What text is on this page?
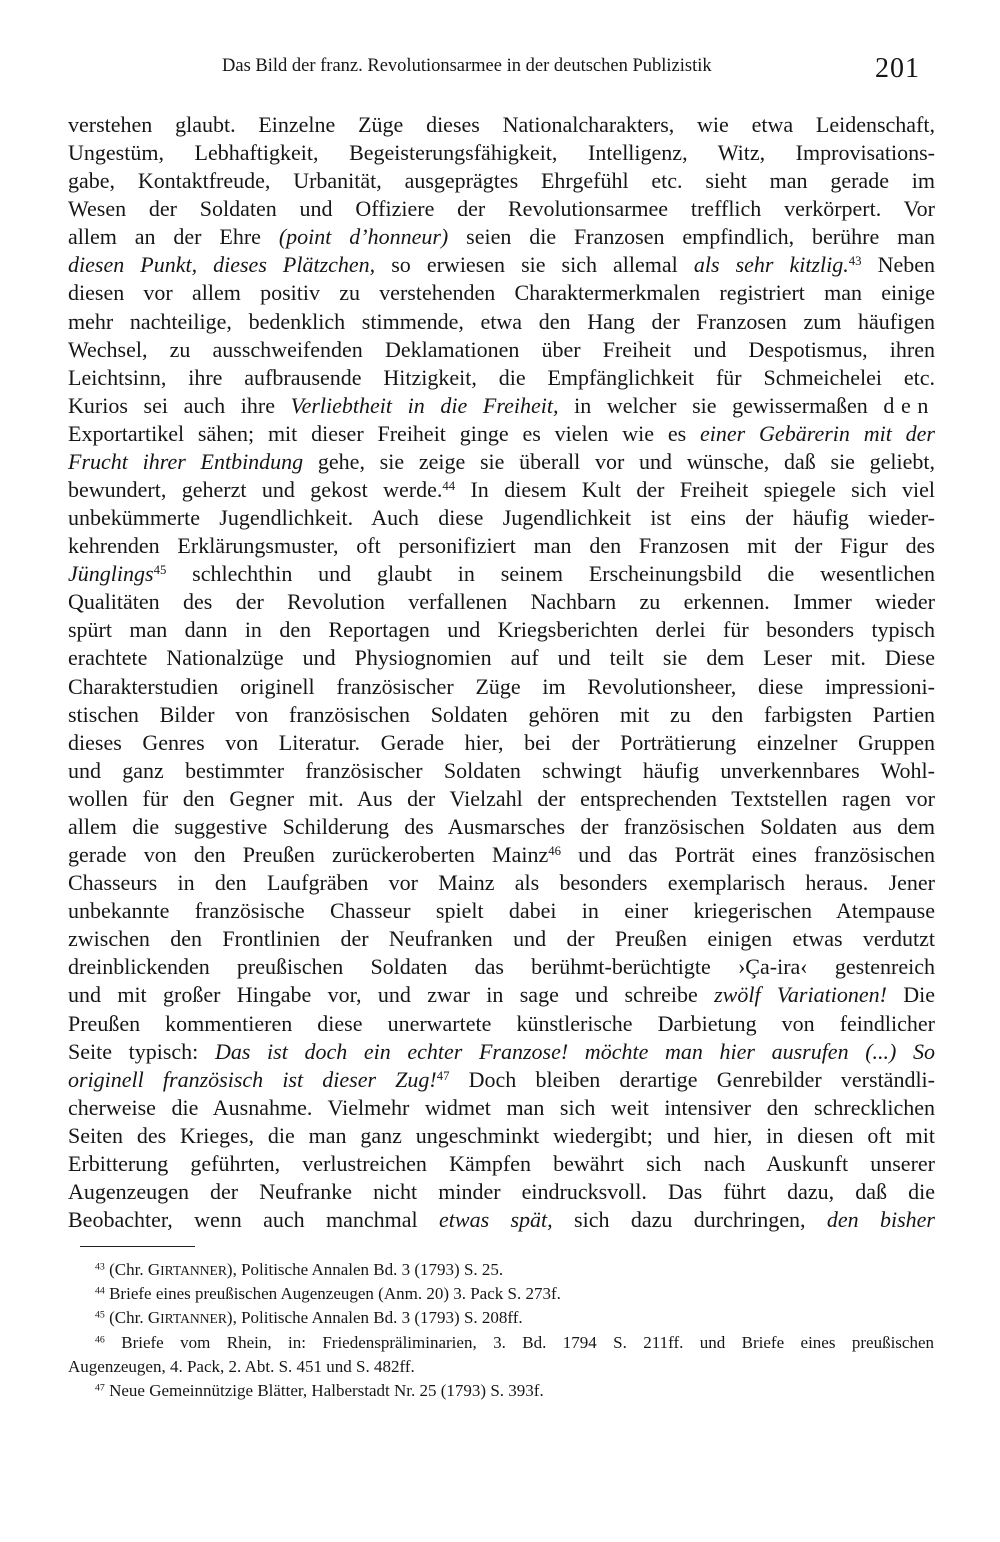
Das Bild der franz. Revolutionsarmee in der deutschen Publizistik	201
verstehen glaubt. Einzelne Züge dieses Nationalcharakters, wie etwa Leidenschaft,
Ungestüm, Lebhaftigkeit, Begeisterungsfähigkeit, Intelligenz, Witz, Improvisations-
gabe, Kontaktfreude, Urbanität, ausgeprägtes Ehrgefühl etc. sieht man gerade im
Wesen der Soldaten und Offiziere der Revolutionsarmee trefflich verkörpert. Vor
allem an der Ehre (point d’honneur) seien die Franzosen empfindlich, berühre man
diesen Punkt, dieses Plätzchen, so erwiesen sie sich allemal als sehr kitzlig.$^{43}$ Neben
diesen vor allem positiv zu verstehenden Charaktermerkmalen registriert man einige
mehr nachteilige, bedenklich stimmende, etwa den Hang der Franzosen zum häufigen
Wechsel, zu ausschweifenden Deklamationen über Freiheit und Despotismus, ihren
Leichtsinn, ihre aufbrausende Hitzigkeit, die Empfänglichkeit für Schmeichelei etc.
Kurios sei auch ihre Verliebtheit in die Freiheit, in welcher sie gewissermaßen den
Exportartikel sähen; mit dieser Freiheit ginge es vielen wie es einer Gebärerin mit der
Frucht ihrer Entbindung gehe, sie zeige sie überall vor und wünsche, daß sie geliebt,
bewundert, geherzt und gekost werde.$^{44}$ In diesem Kult der Freiheit spiegele sich viel
unbekümmerte Jugendlichkeit. Auch diese Jugendlichkeit ist eins der häufig wieder-
kehrenden Erklärungsmuster, oft personifiziert man den Franzosen mit der Figur des
Jünglings$^{45}$ schlechthin und glaubt in seinem Erscheinungsbild die wesentlichen
Qualitäten des der Revolution verfallenen Nachbarn zu erkennen. Immer wieder
spürt man dann in den Reportagen und Kriegsberichten derlei für besonders typisch
erachtete Nationalzüge und Physiognomien auf und teilt sie dem Leser mit. Diese
Charakterstudien originell französischer Züge im Revolutionsheer, diese impressioni-
stischen Bilder von französischen Soldaten gehören mit zu den farbigsten Partien
dieses Genres von Literatur. Gerade hier, bei der Porträtierung einzelner Gruppen
und ganz bestimmter französischer Soldaten schwingt häufig unverkennbares Wohl-
wollen für den Gegner mit. Aus der Vielzahl der entsprechenden Textstellen ragen vor
allem die suggestive Schilderung des Ausmarsches der französischen Soldaten aus dem
gerade von den Preußen zurückeroberten Mainz$^{46}$ und das Porträt eines französischen
Chasseurs in den Laufgräben vor Mainz als besonders exemplarisch heraus. Jener
unbekannte französische Chasseur spielt dabei in einer kriegerischen Atempause
zwischen den Frontlinien der Neufranken und der Preußen einigen etwas verdutzt
dreinblickenden preußischen Soldaten das berühmt-berüchtigte ›Ça-ira‹ gestenreich
und mit großer Hingabe vor, und zwar in sage und schreibe zwölf Variationen! Die
Preußen kommentieren diese unerwartete künstlerische Darbietung von feindlicher
Seite typisch: Das ist doch ein echter Franzose! möchte man hier ausrufen (...) So
originell französisch ist dieser Zug!$^{47}$ Doch bleiben derartige Genrebilder verständli-
cherweise die Ausnahme. Vielmehr widmet man sich weit intensiver den schrecklichen
Seiten des Krieges, die man ganz ungeschminkt wiedergibt; und hier, in diesen oft mit
Erbitterung geführten, verlustreichen Kämpfen bewährt sich nach Auskunft unserer
Augenzeugen der Neufranke nicht minder eindrucksvoll. Das führt dazu, daß die
Beobachter, wenn auch manchmal etwas spät, sich dazu durchringen, den bisher
$^{43}$ (Chr. GIRTANNER), Politische Annalen Bd. 3 (1793) S. 25.
$^{44}$ Briefe eines preußischen Augenzeugen (Anm. 20) 3. Pack S. 273f.
$^{45}$ (Chr. GIRTANNER), Politische Annalen Bd. 3 (1793) S. 208ff.
$^{46}$ Briefe vom Rhein, in: Friedenspräliminarien, 3. Bd. 1794 S. 211ff. und Briefe eines preußischen
Augenzeugen, 4. Pack, 2. Abt. S. 451 und S. 482ff.
$^{47}$ Neue Gemeinnützige Blätter, Halberstadt Nr. 25 (1793) S. 393f.
